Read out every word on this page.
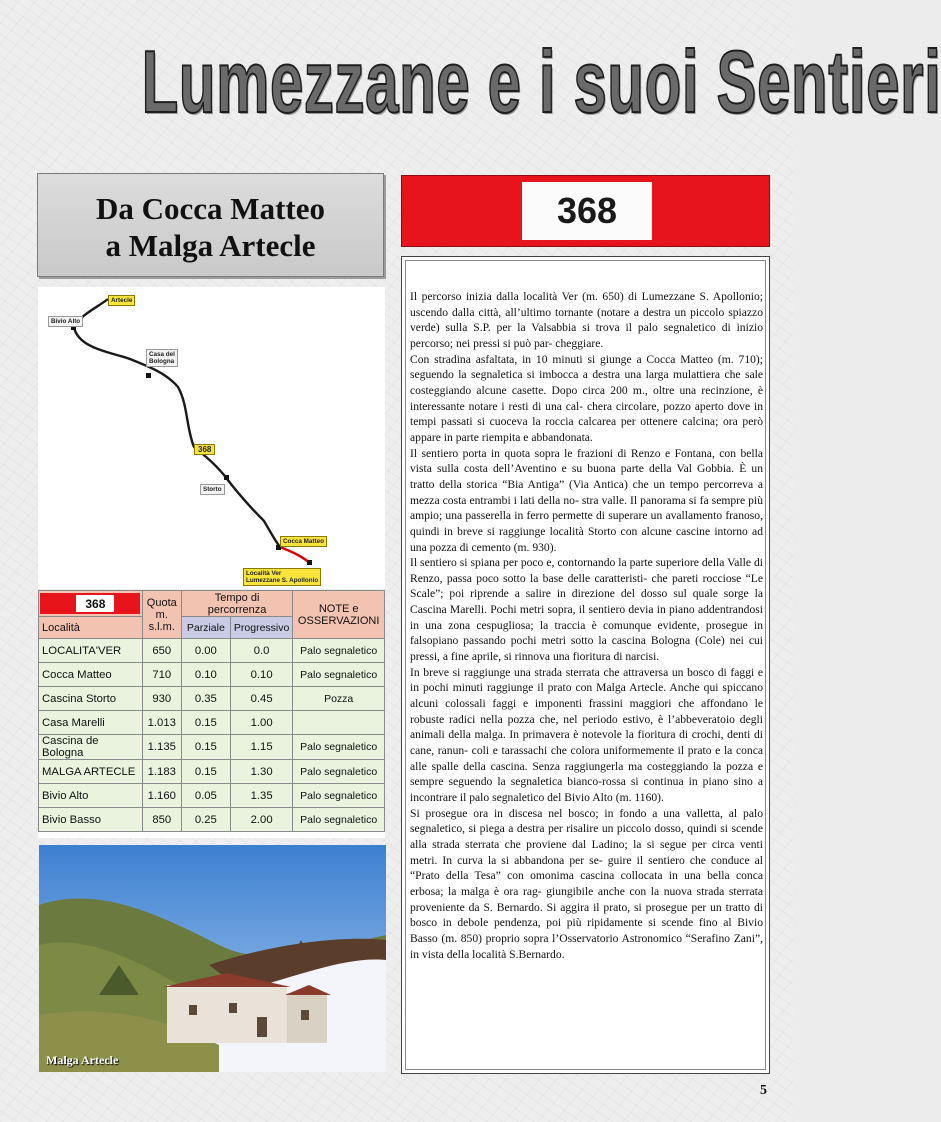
Lumezzane e i suoi Sentieri
Da Cocca Matteo
a Malga Artecle
368

Il percorso inizia dalla località Ver (m. 650) di Lumezzane S. Apollonio; uscendo dalla città, all’ultimo tornante (notare a destra un piccolo spiazzo verde) sulla S.P. per la Valsabbia si trova il palo segnaletico di inizio percorso; nei pressi si può par- cheggiare.

Con stradina asfaltata, in 10 minuti si giunge a Cocca Matteo (m. 710); seguendo la segnaletica si imbocca a destra una larga mulattiera che sale costeggiando alcune casette. Dopo circa 200 m., oltre una recinzione, è interessante notare i resti di una cal- chera circolare, pozzo aperto dove in tempi passati si cuoceva la roccia calcarea per ottenere calcina; ora però appare in parte riempita e abbandonata.

Il sentiero porta in quota sopra le frazioni di Renzo e Fontana, con bella vista sulla costa dell’Aventino e su buona parte della Val Gobbia. È un tratto della storica “Bia Antiga” (Via Antica) che un tempo percorreva a mezza costa entrambi i lati della no- stra valle. Il panorama si fa sempre più ampio; una passerella in ferro permette di superare un avallamento franoso, quindi in breve si raggiunge località Storto con alcune cascine intorno ad una pozza di cemento (m. 930).

Il sentiero si spiana per poco e, contornando la parte superiore della Valle di Renzo, passa poco sotto la base delle caratteristi- che pareti rocciose “Le Scale”; poi riprende a salire in direzione del dosso sul quale sorge la Cascina Marelli. Pochi metri sopra, il sentiero devia in piano addentrandosi in una zona cespugliosa; la traccia è comunque evidente, prosegue in falsopiano passando pochi metri sotto la cascina Bologna (Cole) nei cui pressi, a fine aprile, si rinnova una fioritura di narcisi.

In breve si raggiunge una strada sterrata che attraversa un bosco di faggi e in pochi minuti raggiunge il prato con Malga Artecle. Anche qui spiccano alcuni colossali faggi e imponenti frassini maggiori che affondano le robuste radici nella pozza che, nel periodo estivo, è l’abbeveratoio degli animali della malga. In primavera è notevole la fioritura di crochi, denti di cane, ranun- coli e tarassachi che colora uniformemente il prato e la conca alle spalle della cascina. Senza raggiungerla ma costeggiando la pozza e sempre seguendo la segnaletica bianco-rossa si continua in piano sino a incontrare il palo segnaletico del Bivio Alto (m. 1160).

Si prosegue ora in discesa nel bosco; in fondo a una valletta, al palo segnaletico, si piega a destra per risalire un piccolo dosso, quindi si scende alla strada sterrata che proviene dal Ladino; la si segue per circa venti metri. In curva la si abbandona per se- guire il sentiero che conduce al “Prato della Tesa” con omonima cascina collocata in una bella conca erbosa; la malga è ora rag- giungibile anche con la nuova strada sterrata proveniente da S. Bernardo. Si aggira il prato, si prosegue per un tratto di bosco in debole pendenza, poi più ripidamente si scende fino al Bivio Basso (m. 850) proprio sopra l’Osservatorio Astronomico “Serafino Zani”, in vista della località S.Bernardo.

Artecle
Bivio Alto
Casa del
Bologna
368
Storto
Cocca Matteo
Località Ver
Lumezzane S. Apollonio
368	Quota m. s.l.m.	Tempo di percorrenza		NOTE e OSSERVAZIONI
Località		Parziale	Progressivo	
LOCALITA'VER	650	0.00	0.0	Palo segnaletico
Cocca Matteo	710	0.10	0.10	Palo segnaletico
Cascina Storto	930	0.35	0.45	Pozza
Casa Marelli	1.013	0.15	1.00	
Cascina de Bologna	1.135	0.15	1.15	Palo segnaletico
MALGA ARTECLE	1.183	0.15	1.30	Palo segnaletico
Bivio Alto	1.160	0.05	1.35	Palo segnaletico
Bivio Basso	850	0.25	2.00	Palo segnaletico
Malga Artecle
5
